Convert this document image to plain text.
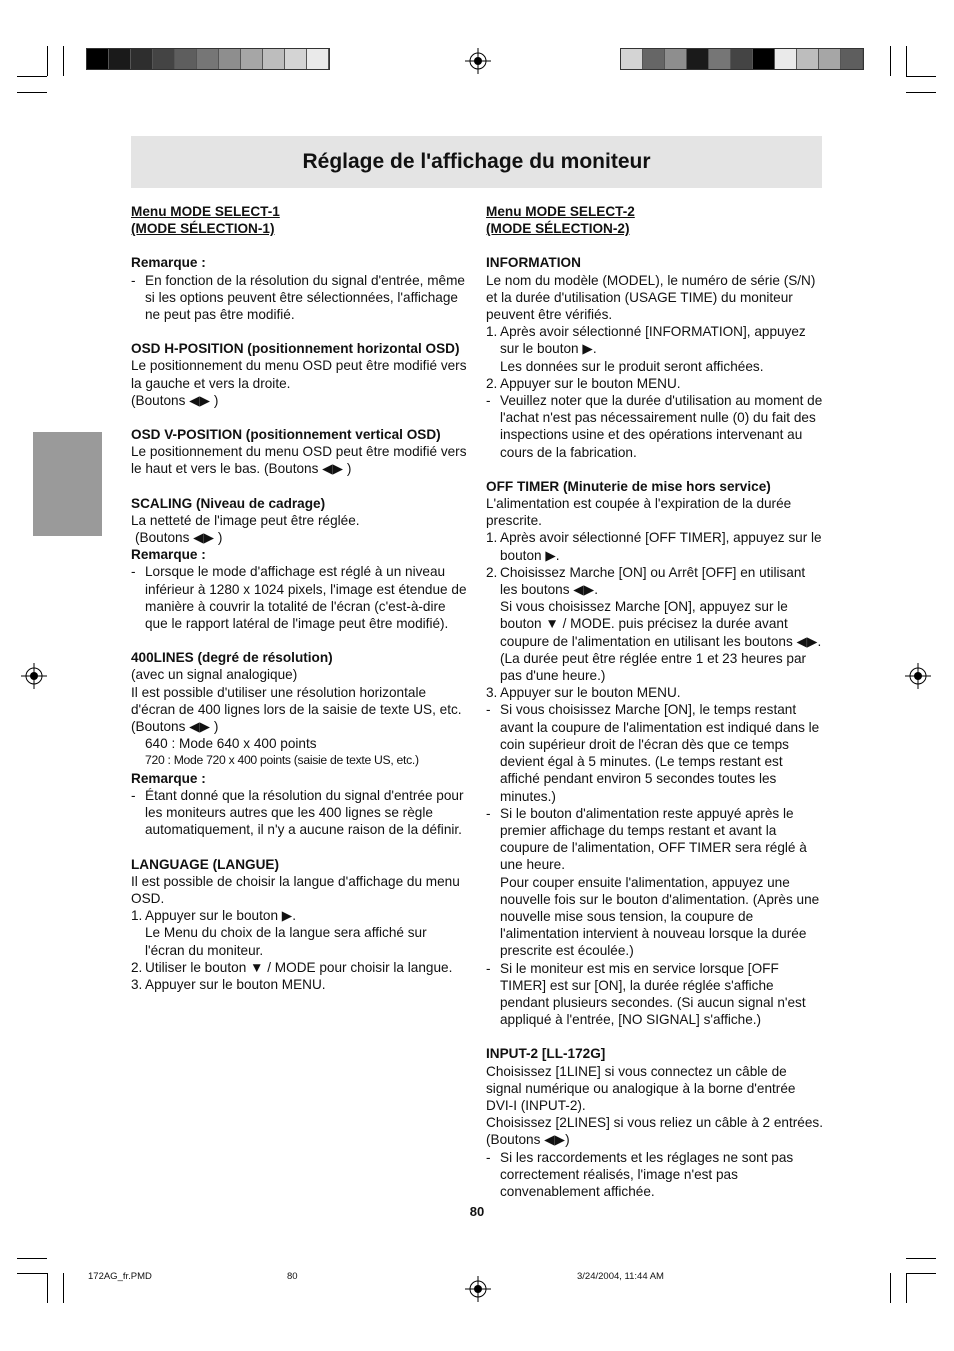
Réglage de l'affichage du moniteur

Menu MODE SELECT-1

(MODE SÉLECTION-1)

Remarque :

- En fonction de la résolution du signal d'entrée, même si les options peuvent être sélectionnées, l'affichage ne peut pas être modifié.

OSD H-POSITION (positionnement horizontal OSD)

Le positionnement du menu OSD peut être modifié vers la gauche et vers la droite.

(Boutons ◀▶ )

OSD V-POSITION (positionnement vertical OSD)

Le positionnement du menu OSD peut être modifié vers le haut et vers le bas. (Boutons ◀▶ )

SCALING (Niveau de cadrage)

La netteté de l'image peut être réglée.

(Boutons ◀▶ )

Remarque :

- Lorsque le mode d'affichage est réglé à un niveau inférieur à 1280 x 1024 pixels, l'image est étendue de manière à couvrir la totalité de l'écran (c'est-à-dire que le rapport latéral de l'image peut être modifié).

400LINES (degré de résolution)

(avec un signal analogique)

Il est possible d'utiliser une résolution horizontale d'écran de 400 lignes lors de la saisie de texte US, etc. (Boutons ◀▶ )

640 : Mode 640 x 400 points

720 : Mode 720 x 400 points (saisie de texte US, etc.)

Remarque :

- Étant donné que la résolution du signal d'entrée pour les moniteurs autres que les 400 lignes se règle automatiquement, il n'y a aucune raison de la définir.

LANGUAGE (LANGUE)

Il est possible de choisir la langue d'affichage du menu OSD.

1. Appuyer sur le bouton ▶.

Le Menu du choix de la langue sera affiché sur l'écran du moniteur.

2. Utiliser le bouton ▼ / MODE pour choisir la langue.

3. Appuyer sur le bouton MENU.

Menu MODE SELECT-2

(MODE SÉLECTION-2)

INFORMATION

Le nom du modèle (MODEL), le numéro de série (S/N) et la durée d'utilisation (USAGE TIME) du moniteur peuvent être vérifiés.

1. Après avoir sélectionné [INFORMATION], appuyez sur le bouton ▶.

Les données sur le produit seront affichées.

2. Appuyer sur le bouton MENU.

- Veuillez noter que la durée d'utilisation au moment de l'achat n'est pas nécessairement nulle (0) du fait des inspections usine et des opérations intervenant au cours de la fabrication.

OFF TIMER (Minuterie de mise hors service)

L'alimentation est coupée à l'expiration de la durée prescrite.

1. Après avoir sélectionné [OFF TIMER], appuyez sur le bouton ▶.

2. Choisissez Marche [ON] ou Arrêt [OFF] en utilisant les boutons ◀▶.

Si vous choisissez Marche [ON], appuyez sur le bouton ▼ / MODE. puis précisez la durée avant coupure de l'alimentation en utilisant les boutons ◀▶. (La durée peut être réglée entre 1 et 23 heures par pas d'une heure.)

3. Appuyer sur le bouton MENU.

- Si vous choisissez Marche [ON], le temps restant avant la coupure de l'alimentation est indiqué dans le coin supérieur droit de l'écran dès que ce temps devient égal à 5 minutes. (Le temps restant est affiché pendant environ 5 secondes toutes les minutes.)

- Si le bouton d'alimentation reste appuyé après le premier affichage du temps restant et avant la coupure de l'alimentation, OFF TIMER sera réglé à une heure.

Pour couper ensuite l'alimentation, appuyez une nouvelle fois sur le bouton d'alimentation. (Après une nouvelle mise sous tension, la coupure de l'alimentation intervient à nouveau lorsque la durée prescrite est écoulée.)

- Si le moniteur est mis en service lorsque [OFF TIMER] est sur [ON], la durée réglée s'affiche pendant plusieurs secondes. (Si aucun signal n'est appliqué à l'entrée, [NO SIGNAL] s'affiche.)

INPUT-2 [LL-172G]

Choisissez [1LINE] si vous connectez un câble de signal numérique ou analogique à la borne d'entrée DVI-I (INPUT-2).

Choisissez [2LINES] si vous reliez un câble à 2 entrées. (Boutons ◀▶)

- Si les raccordements et les réglages ne sont pas correctement réalisés, l'image n'est pas convenablement affichée.

80
172AG_fr.PMD	80	3/24/2004, 11:44 AM
